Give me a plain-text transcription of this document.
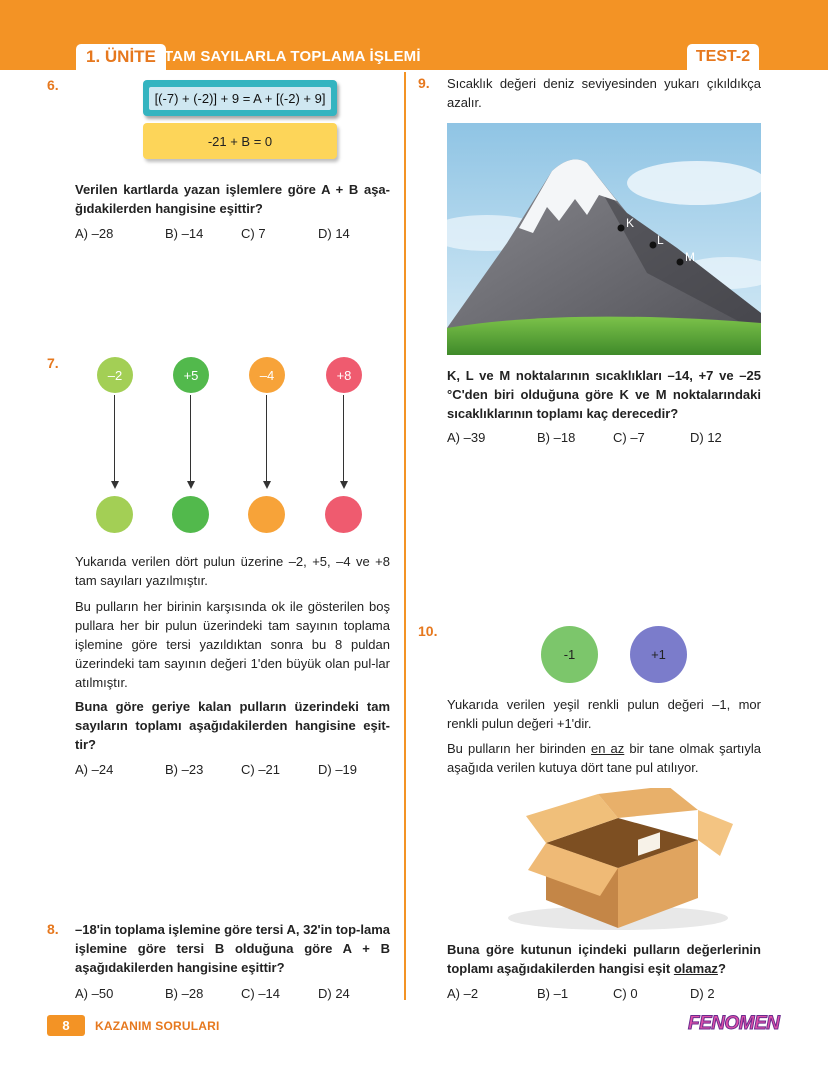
1. ÜNİTE TAM SAYILARLA TOPLAMA İŞLEMİ	TEST-2
6.
[(-7) + (-2)] + 9 = A + [(-2) + 9]
-21 + B = 0
Verilen kartlarda yazan işlemlere göre A + B aşa-ğıdakilerden hangisine eşittir?
A) –28	B) –14	C) 7	D) 14
7.
–2	+5	–4	+8
Yukarıda verilen dört pulun üzerine –2, +5, –4 ve +8 tam sayıları yazılmıştır.
Bu pulların her birinin karşısında ok ile gösterilen boş pullara her bir pulun üzerindeki tam sayının toplama işlemine göre tersi yazıldıktan sonra bu 8 puldan üzerindeki tam sayının değeri 1'den büyük olan pul-lar atılmıştır.
Buna göre geriye kalan pulların üzerindeki tam sayıların toplamı aşağıdakilerden hangisine eşit-tir?
A) –24	B) –23	C) –21	D) –19
8. –18'in toplama işlemine göre tersi A, 32'in top-lama işlemine göre tersi B olduğuna göre A + B aşağıdakilerden hangisine eşittir?
A) –50	B) –28	C) –14	D) 24
9. Sıcaklık değeri deniz seviyesinden yukarı çıkıldıkça azalır.
K
L
M
K, L ve M noktalarının sıcaklıkları –14, +7 ve –25 °C'den biri olduğuna göre K ve M noktalarındaki sıcaklıklarının toplamı kaç derecedir?
A) –39	B) –18	C) –7	D) 12
10.
-1	+1
Yukarıda verilen yeşil renkli pulun değeri –1, mor renkli pulun değeri +1'dir.
Bu pulların her birinden en az bir tane olmak şartıyla aşağıda verilen kutuya dört tane pul atılıyor.
Buna göre kutunun içindeki pulların değerlerinin toplamı aşağıdakilerden hangisi eşit olamaz?
A) –2	B) –1	C) 0	D) 2
8	KAZANIM SORULARI	FENOMEN
